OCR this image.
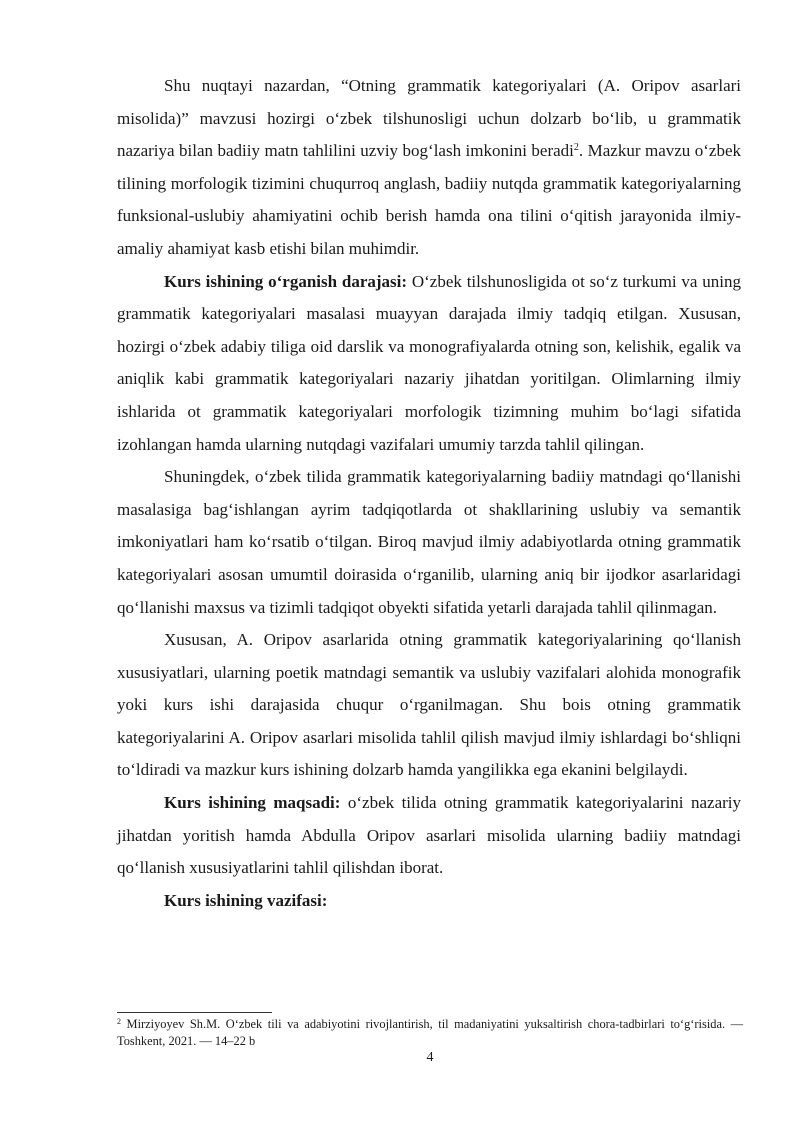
Shu nuqtayi nazardan, “Otning grammatik kategoriyalari (A. Oripov asarlari misolida)” mavzusi hozirgi o‘zbek tilshunosligi uchun dolzarb bo‘lib, u grammatik nazariya bilan badiiy matn tahlilini uzviy bog‘lash imkonini beradi$^2$. Mazkur mavzu o‘zbek tilining morfologik tizimini chuqurroq anglash, badiiy nutqda grammatik kategoriyalarning funksional-uslubiy ahamiyatini ochib berish hamda ona tilini o‘qitish jarayonida ilmiy-amaliy ahamiyat kasb etishi bilan muhimdir.

Kurs ishining o‘rganish darajasi: O‘zbek tilshunosligida ot so‘z turkumi va uning grammatik kategoriyalari masalasi muayyan darajada ilmiy tadqiq etilgan. Xususan, hozirgi o‘zbek adabiy tiliga oid darslik va monografiyalarda otning son, kelishik, egalik va aniqlik kabi grammatik kategoriyalari nazariy jihatdan yoritilgan. Olimlarning ilmiy ishlarida ot grammatik kategoriyalari morfologik tizimning muhim bo‘lagi sifatida izohlangan hamda ularning nutqdagi vazifalari umumiy tarzda tahlil qilingan.

Shuningdek, o‘zbek tilida grammatik kategoriyalarning badiiy matndagi qo‘llanishi masalasiga bag‘ishlangan ayrim tadqiqotlarda ot shakllarining uslubiy va semantik imkoniyatlari ham ko‘rsatib o‘tilgan. Biroq mavjud ilmiy adabiyotlarda otning grammatik kategoriyalari asosan umumtil doirasida o‘rganilib, ularning aniq bir ijodkor asarlaridagi qo‘llanishi maxsus va tizimli tadqiqot obyekti sifatida yetarli darajada tahlil qilinmagan.

Xususan, A. Oripov asarlarida otning grammatik kategoriyalarining qo‘llanish xususiyatlari, ularning poetik matndagi semantik va uslubiy vazifalari alohida monografik yoki kurs ishi darajasida chuqur o‘rganilmagan. Shu bois otning grammatik kategoriyalarini A. Oripov asarlari misolida tahlil qilish mavjud ilmiy ishlardagi bo‘shliqni to‘ldiradi va mazkur kurs ishining dolzarb hamda yangilikka ega ekanini belgilaydi.

Kurs ishining maqsadi: o‘zbek tilida otning grammatik kategoriyalarini nazariy jihatdan yoritish hamda Abdulla Oripov asarlari misolida ularning badiiy matndagi qo‘llanish xususiyatlarini tahlil qilishdan iborat.

Kurs ishining vazifasi:

$^2$ Mirziyoyev Sh.M. O‘zbek tili va adabiyotini rivojlantirish, til madaniyatini yuksaltirish chora-tadbirlari to‘g‘risida. — Toshkent, 2021. — 14–22 b
4
